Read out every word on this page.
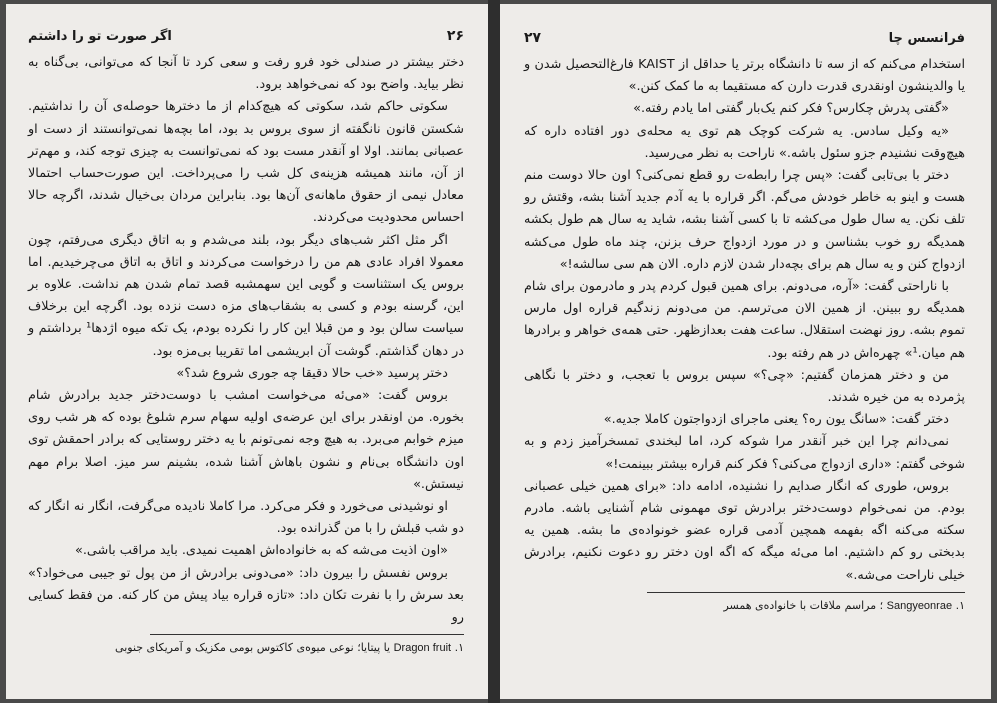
۲۶
اگر صورت تو را داشتم

دختر بیشتر در صندلی خود فرو رفت و سعی کرد تا آنجا که می‌توانی، بی‌گناه به نظر بیاید. واضح بود که نمی‌خواهد برود.

سکوتی حاکم شد، سکوتی که هیچ‌کدام از ما دخترها حوصله‌ی آن را نداشتیم. شکستن قانون نانگفته از سوی بروس بد بود، اما بچه‌ها نمی‌توانستند از دست او عصبانی بمانند. اولا او آنقدر مست بود که نمی‌توانست به چیزی توجه کند، و مهم‌تر از آن، مانند همیشه هزینه‌ی کل شب را می‌پرداخت. این صورت‌حساب احتمالا معادل نیمی از حقوق ماهانه‌ی آن‌ها بود. بنابراین مردان بی‌خیال شدند، اگرچه حالا احساس محدودیت می‌کردند.

اگر مثل اکثر شب‌های دیگر بود، بلند می‌شدم و به اتاق دیگری می‌رفتم، چون معمولا افراد عادی هم من را درخواست می‌کردند و اتاق به اتاق می‌چرخیدیم. اما بروس یک استثناست و گویی این سهمشبه قصد تمام شدن هم نداشت. علاوه بر این، گرسنه بودم و کسی به بشقاب‌های مزه دست نزده بود. اگرچه این برخلاف سیاست سالن بود و من قبلا این کار را نکرده بودم، یک تکه میوه اژدها¹ برداشتم و در دهان گذاشتم. گوشت آن ابریشمی اما تقریبا بی‌مزه بود.

دختر پرسید «خب حالا دقیقا چه جوری شروع شد؟»

بروس گفت: «می‌ئه می‌خواست امشب با دوست‌دختر جدید برادرش شام بخوره. من اونقدر برای این عرضه‌ی اولیه سهام سرم شلوغ بوده که هر شب روی میزم خوابم می‌برد. به هیچ وجه نمی‌تونم با یه دختر روستایی که برادر احمقش توی اون دانشگاه بی‌نام و نشون باهاش آشنا شده، بشینم سر میز. اصلا برام مهم نیستش.»

او نوشیدنی می‌خورد و فکر می‌کرد. مرا کاملا نادیده می‌گرفت، انگار نه انگار که دو شب قبلش را با من گذرانده بود.

«اون اذیت می‌شه که به خانواده‌اش اهمیت نمیدی. باید مراقب باشی.»

بروس نفسش را بیرون داد: «می‌دونی برادرش از من پول تو جیبی می‌خواد؟» بعد سرش را با نفرت تکان داد: «تازه قراره بیاد پیش من کار کنه. من فقط کسایی رو

۱. Dragon fruit یا پیتایا؛ نوعی میوه‌ی کاکتوس بومی مکزیک و آمریکای جنوبی
فرانسس چا
۲۷

استخدام می‌کنم که از سه تا دانشگاه برتر یا حداقل از KAIST فارغ‌التحصیل شدن و یا والدینشون اونقدری قدرت دارن که مستقیما به ما کمک کنن.»

«گفتی پدرش چکارس؟ فکر کنم یک‌بار گفتی اما یادم رفته.»

«یه وکیل سادس. یه شرکت کوچک هم توی یه محله‌ی دور افتاده داره که هیچ‌وقت نشنیدم جزو سئول باشه.» ناراحت به نظر می‌رسید.

دختر با بی‌تابی گفت: «پس چرا رابطه‌ت رو قطع نمی‌کنی؟ اون حالا دوست منم هست و اینو به خاطر خودش می‌گم. اگر قراره با یه آدم جدید آشنا بشه، وقتش رو تلف نکن. یه سال طول می‌کشه تا با کسی آشنا بشه، شاید یه سال هم طول بکشه همدیگه رو خوب بشناسن و در مورد ازدواج حرف بزنن، چند ماه طول می‌کشه ازدواج کنن و یه سال هم برای بچه‌دار شدن لازم داره. الان هم سی سالشه!»

با ناراحتی گفت: «آره، می‌دونم. برای همین قبول کردم پدر و مادرمون برای شام همدیگه رو ببینن. از همین الان می‌ترسم. من می‌دونم زندگیم قراره اول مارس تموم بشه. روز نهضت استقلال. ساعت هفت بعدازظهر. حتی همه‌ی خواهر و برادرها هم میان.¹» چهره‌اش در هم رفته بود.

من و دختر همزمان گفتیم: «چی؟» سپس بروس با تعجب، و دختر با نگاهی پژمرده به من خیره شدند.

دختر گفت: «سانگ یون ره؟ یعنی ماجرای ازدواجتون کاملا جدیه.»

نمی‌دانم چرا این خبر آنقدر مرا شوکه کرد، اما لبخندی تمسخرآمیز زدم و به شوخی گفتم: «داری ازدواج می‌کنی؟ فکر کنم قراره بیشتر ببینمت!»

بروس، طوری که انگار صدایم را نشنیده، ادامه داد: «برای همین خیلی عصبانی بودم. من نمی‌خوام دوست‌دختر برادرش توی مهمونی شام آشنایی باشه. مادرم سکته می‌کنه اگه بفهمه همچین آدمی قراره عضو خونواده‌ی ما بشه. همین یه بدبختی رو کم داشتیم. اما می‌ئه میگه که اگه اون دختر رو دعوت نکنیم، برادرش خیلی ناراحت می‌شه.»

۱. Sangyeonrae ؛ مراسم ملاقات با خانواده‌ی همسر
